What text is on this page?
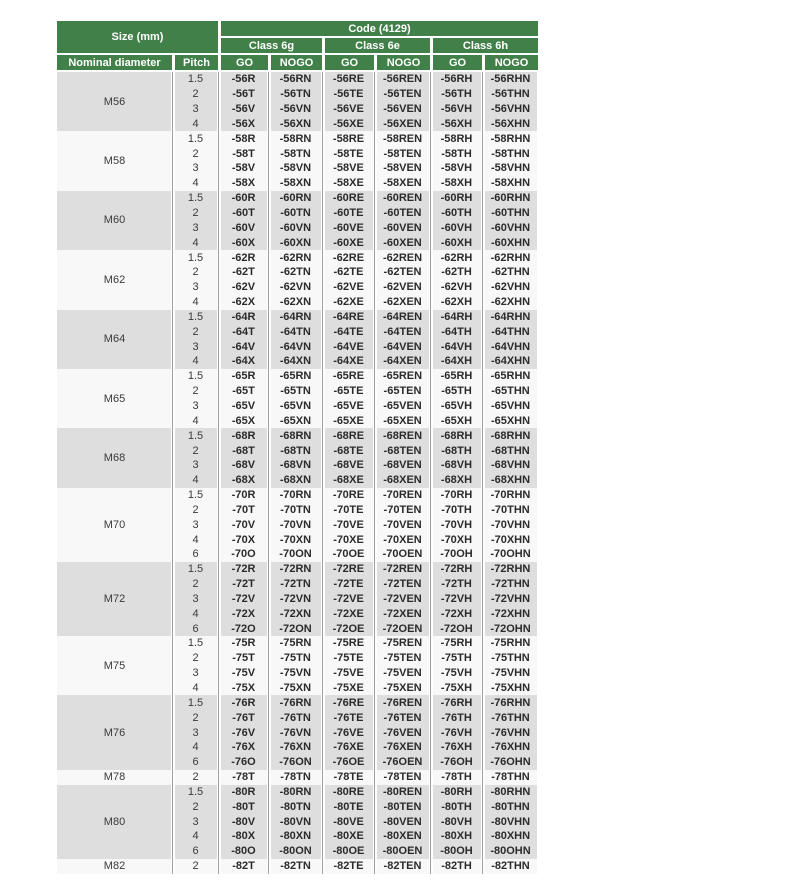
Size (mm)		Code (4129)					
		Class 6g		Class 6e		Class 6h	
Nominal diameter	Pitch	GO	NOGO	GO	NOGO	GO	NOGO
M56	1.5	-56R	-56RN	-56RE	-56REN	-56RH	-56RHN
	2	-56T	-56TN	-56TE	-56TEN	-56TH	-56THN
	3	-56V	-56VN	-56VE	-56VEN	-56VH	-56VHN
	4	-56X	-56XN	-56XE	-56XEN	-56XH	-56XHN
M58	1.5	-58R	-58RN	-58RE	-58REN	-58RH	-58RHN
	2	-58T	-58TN	-58TE	-58TEN	-58TH	-58THN
	3	-58V	-58VN	-58VE	-58VEN	-58VH	-58VHN
	4	-58X	-58XN	-58XE	-58XEN	-58XH	-58XHN
M60	1.5	-60R	-60RN	-60RE	-60REN	-60RH	-60RHN
	2	-60T	-60TN	-60TE	-60TEN	-60TH	-60THN
	3	-60V	-60VN	-60VE	-60VEN	-60VH	-60VHN
	4	-60X	-60XN	-60XE	-60XEN	-60XH	-60XHN
M62	1.5	-62R	-62RN	-62RE	-62REN	-62RH	-62RHN
	2	-62T	-62TN	-62TE	-62TEN	-62TH	-62THN
	3	-62V	-62VN	-62VE	-62VEN	-62VH	-62VHN
	4	-62X	-62XN	-62XE	-62XEN	-62XH	-62XHN
M64	1.5	-64R	-64RN	-64RE	-64REN	-64RH	-64RHN
	2	-64T	-64TN	-64TE	-64TEN	-64TH	-64THN
	3	-64V	-64VN	-64VE	-64VEN	-64VH	-64VHN
	4	-64X	-64XN	-64XE	-64XEN	-64XH	-64XHN
M65	1.5	-65R	-65RN	-65RE	-65REN	-65RH	-65RHN
	2	-65T	-65TN	-65TE	-65TEN	-65TH	-65THN
	3	-65V	-65VN	-65VE	-65VEN	-65VH	-65VHN
	4	-65X	-65XN	-65XE	-65XEN	-65XH	-65XHN
M68	1.5	-68R	-68RN	-68RE	-68REN	-68RH	-68RHN
	2	-68T	-68TN	-68TE	-68TEN	-68TH	-68THN
	3	-68V	-68VN	-68VE	-68VEN	-68VH	-68VHN
	4	-68X	-68XN	-68XE	-68XEN	-68XH	-68XHN
M70	1.5	-70R	-70RN	-70RE	-70REN	-70RH	-70RHN
	2	-70T	-70TN	-70TE	-70TEN	-70TH	-70THN
	3	-70V	-70VN	-70VE	-70VEN	-70VH	-70VHN
	4	-70X	-70XN	-70XE	-70XEN	-70XH	-70XHN
	6	-70O	-70ON	-70OE	-70OEN	-70OH	-70OHN
M72	1.5	-72R	-72RN	-72RE	-72REN	-72RH	-72RHN
	2	-72T	-72TN	-72TE	-72TEN	-72TH	-72THN
	3	-72V	-72VN	-72VE	-72VEN	-72VH	-72VHN
	4	-72X	-72XN	-72XE	-72XEN	-72XH	-72XHN
	6	-72O	-72ON	-72OE	-72OEN	-72OH	-72OHN
M75	1.5	-75R	-75RN	-75RE	-75REN	-75RH	-75RHN
	2	-75T	-75TN	-75TE	-75TEN	-75TH	-75THN
	3	-75V	-75VN	-75VE	-75VEN	-75VH	-75VHN
	4	-75X	-75XN	-75XE	-75XEN	-75XH	-75XHN
M76	1.5	-76R	-76RN	-76RE	-76REN	-76RH	-76RHN
	2	-76T	-76TN	-76TE	-76TEN	-76TH	-76THN
	3	-76V	-76VN	-76VE	-76VEN	-76VH	-76VHN
	4	-76X	-76XN	-76XE	-76XEN	-76XH	-76XHN
	6	-76O	-76ON	-76OE	-76OEN	-76OH	-76OHN
M78	2	-78T	-78TN	-78TE	-78TEN	-78TH	-78THN
M80	1.5	-80R	-80RN	-80RE	-80REN	-80RH	-80RHN
	2	-80T	-80TN	-80TE	-80TEN	-80TH	-80THN
	3	-80V	-80VN	-80VE	-80VEN	-80VH	-80VHN
	4	-80X	-80XN	-80XE	-80XEN	-80XH	-80XHN
	6	-80O	-80ON	-80OE	-80OEN	-80OH	-80OHN
M82	2	-82T	-82TN	-82TE	-82TEN	-82TH	-82THN
